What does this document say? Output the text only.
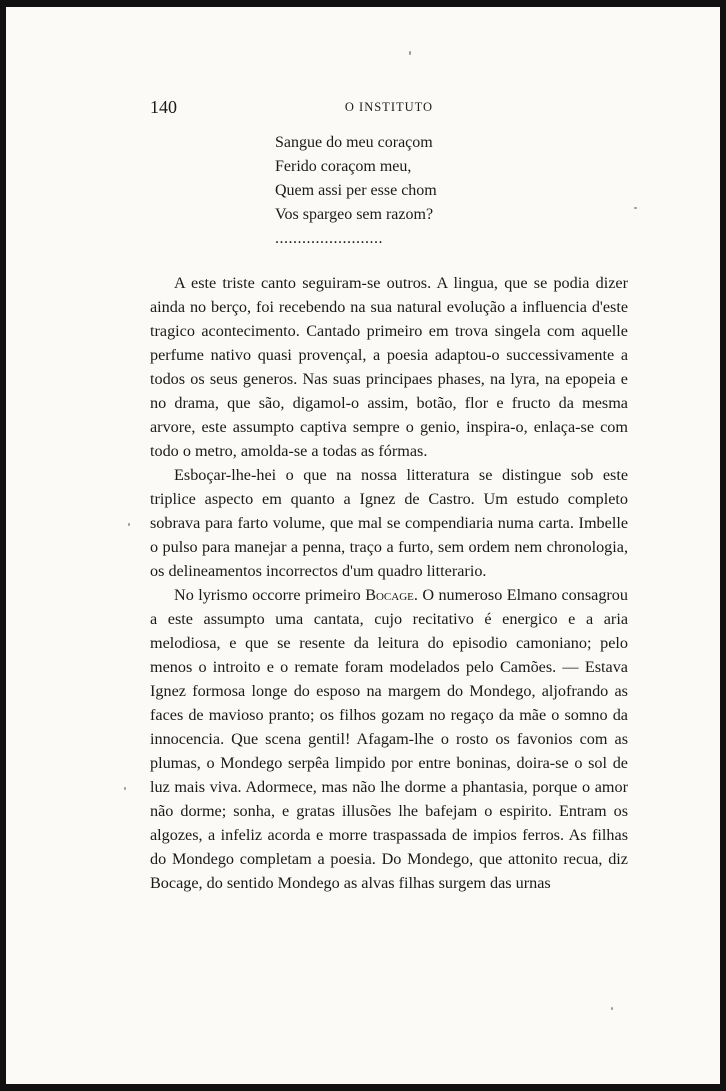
140	O INSTITUTO
Sangue do meu coraçom
Ferido coraçom meu,
Quem assi per esse chom
Vos spargeo sem razom?
........................

A este triste canto seguiram-se outros. A lingua, que se podia dizer ainda no berço, foi recebendo na sua natural evolução a influencia d'este tragico acontecimento. Cantado primeiro em trova singela com aquelle perfume nativo quasi provençal, a poesia adaptou-o successivamente a todos os seus generos. Nas suas principaes phases, na lyra, na epopeia e no drama, que são, digamol-o assim, botão, flor e fructo da mesma arvore, este assumpto captiva sempre o genio, inspira-o, enlaça-se com todo o metro, amolda-se a todas as fórmas.

Esboçar-lhe-hei o que na nossa litteratura se distingue sob este triplice aspecto em quanto a Ignez de Castro. Um estudo completo sobrava para farto volume, que mal se compendiaria numa carta. Imbelle o pulso para manejar a penna, traço a furto, sem ordem nem chronologia, os delineamentos incorrectos d'um quadro litterario.

No lyrismo occorre primeiro Bocage. O numeroso Elmano consagrou a este assumpto uma cantata, cujo recitativo é energico e a aria melodiosa, e que se resente da leitura do episodio camoniano; pelo menos o introito e o remate foram modelados pelo Camões. — Estava Ignez formosa longe do esposo na margem do Mondego, aljofrando as faces de mavioso pranto; os filhos gozam no regaço da mãe o somno da innocencia. Que scena gentil! Afagam-lhe o rosto os favonios com as plumas, o Mondego serpêa limpido por entre boninas, doira-se o sol de luz mais viva. Adormece, mas não lhe dorme a phantasia, porque o amor não dorme; sonha, e gratas illusões lhe bafejam o espirito. Entram os algozes, a infeliz acorda e morre traspassada de impios ferros. As filhas do Mondego completam a poesia. Do Mondego, que attonito recua, diz Bocage, do sentido Mondego as alvas filhas surgem das urnas
